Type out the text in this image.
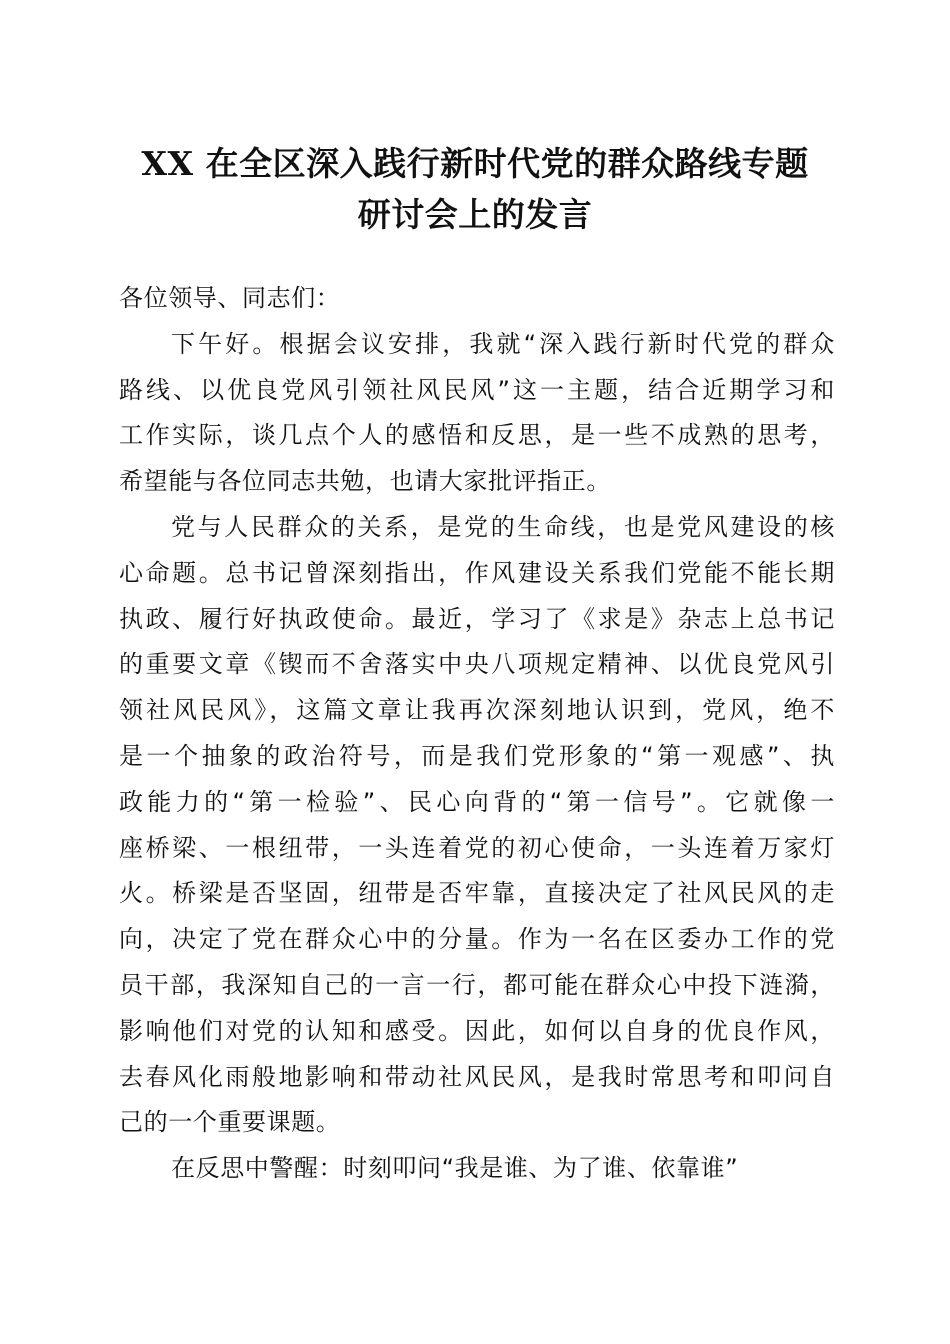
XX 在全区深入践行新时代党的群众路线专题
研讨会上的发言
各位领导、同志们：
下午好。根据会议安排，我就“深入践行新时代党的群众
路线、以优良党风引领社风民风”这一主题，结合近期学习和
工作实际，谈几点个人的感悟和反思，是一些不成熟的思考，
希望能与各位同志共勉，也请大家批评指正。
党与人民群众的关系，是党的生命线，也是党风建设的核
心命题。总书记曾深刻指出，作风建设关系我们党能不能长期
执政、履行好执政使命。最近，学习了《求是》杂志上总书记
的重要文章《锲而不舍落实中央八项规定精神、以优良党风引
领社风民风》，这篇文章让我再次深刻地认识到，党风，绝不
是一个抽象的政治符号，而是我们党形象的“第一观感”、执
政能力的“第一检验”、民心向背的“第一信号”。它就像一
座桥梁、一根纽带，一头连着党的初心使命，一头连着万家灯
火。桥梁是否坚固，纽带是否牢靠，直接决定了社风民风的走
向，决定了党在群众心中的分量。作为一名在区委办工作的党
员干部，我深知自己的一言一行，都可能在群众心中投下涟漪，
影响他们对党的认知和感受。因此，如何以自身的优良作风，
去春风化雨般地影响和带动社风民风，是我时常思考和叩问自
己的一个重要课题。
在反思中警醒：时刻叩问“我是谁、为了谁、依靠谁”
